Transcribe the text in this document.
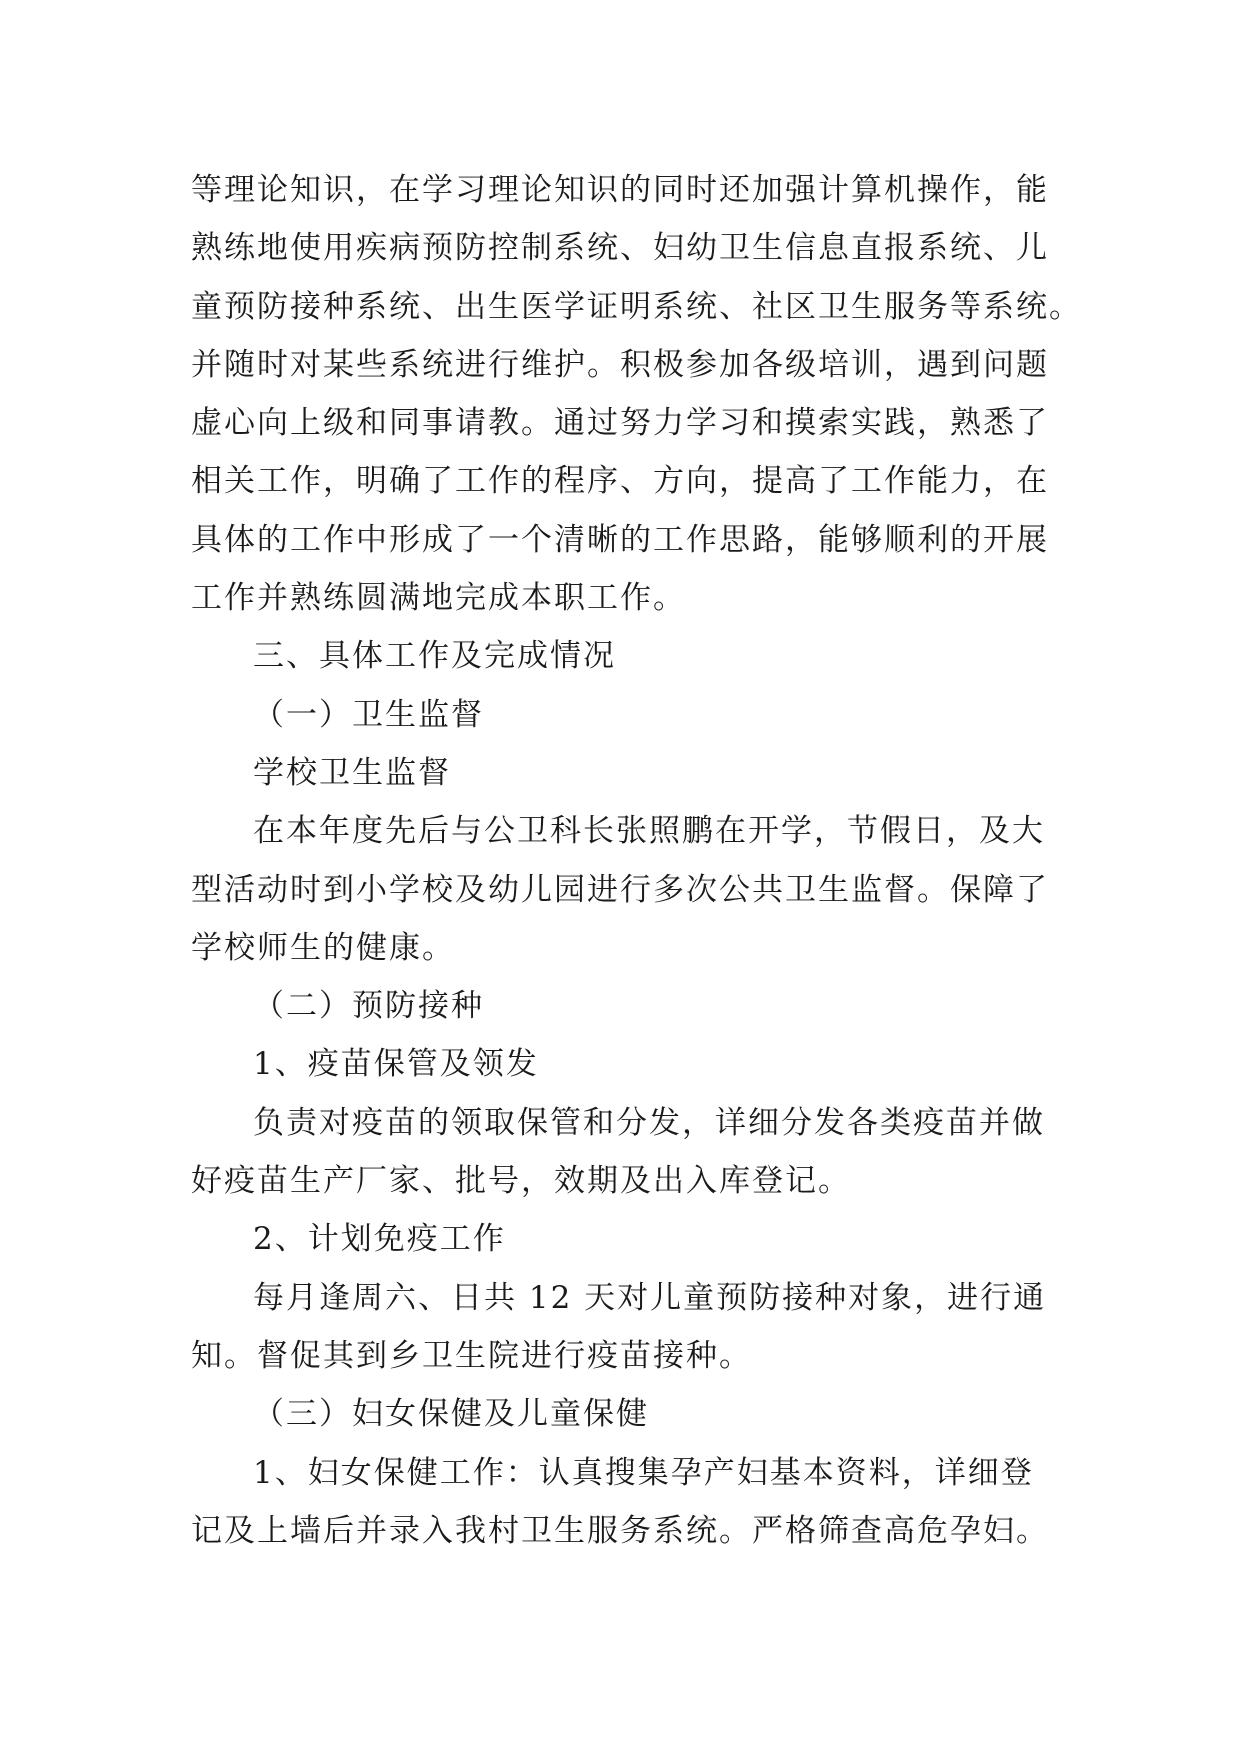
等理论知识，在学习理论知识的同时还加强计算机操作，能
熟练地使用疾病预防控制系统、妇幼卫生信息直报系统、儿
童预防接种系统、出生医学证明系统、社区卫生服务等系统。
并随时对某些系统进行维护。积极参加各级培训，遇到问题
虚心向上级和同事请教。通过努力学习和摸索实践，熟悉了
相关工作，明确了工作的程序、方向，提高了工作能力，在
具体的工作中形成了一个清晰的工作思路，能够顺利的开展
工作并熟练圆满地完成本职工作。
三、具体工作及完成情况
（一）卫生监督
学校卫生监督
在本年度先后与公卫科长张照鹏在开学，节假日，及大
型活动时到小学校及幼儿园进行多次公共卫生监督。保障了
学校师生的健康。
（二）预防接种
1、疫苗保管及领发
负责对疫苗的领取保管和分发，详细分发各类疫苗并做
好疫苗生产厂家、批号，效期及出入库登记。
2、计划免疫工作
每月逢周六、日共 12 天对儿童预防接种对象，进行通
知。督促其到乡卫生院进行疫苗接种。
（三）妇女保健及儿童保健
1、妇女保健工作：认真搜集孕产妇基本资料，详细登
记及上墙后并录入我村卫生服务系统。严格筛查高危孕妇。
